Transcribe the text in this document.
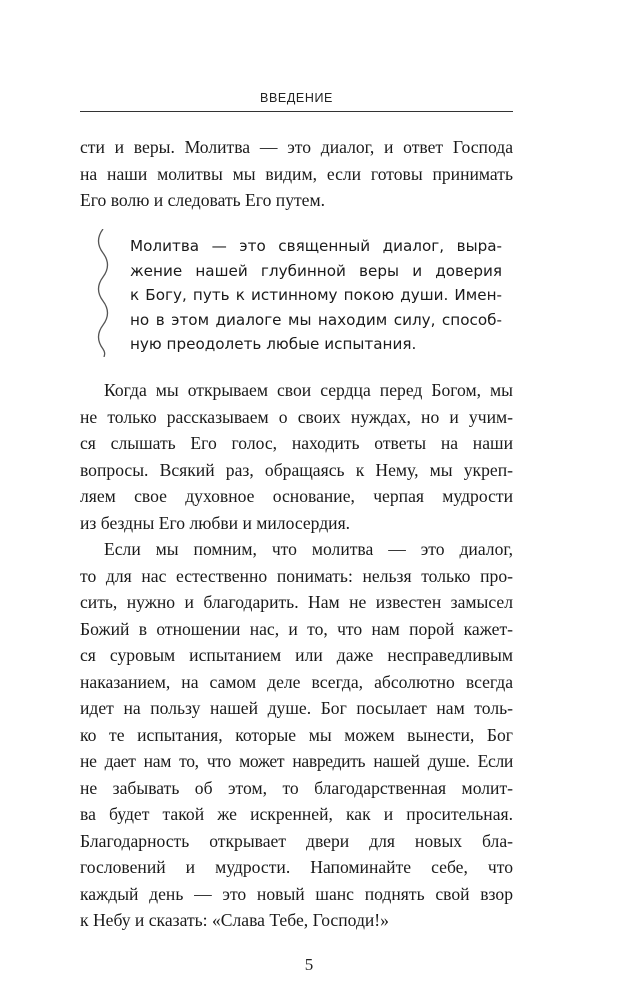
ВВЕДЕНИЕ
сти и веры. Молитва — это диалог, и ответ Господа
на наши молитвы мы видим, если готовы принимать
Его волю и следовать Его путем.
Молитва — это священный диалог, выра-
жение нашей глубинной веры и доверия
к Богу, путь к истинному покою души. Имен-
но в этом диалоге мы находим силу, способ-
ную преодолеть любые испытания.
Когда мы открываем свои сердца перед Богом, мы
не только рассказываем о своих нуждах, но и учим-
ся слышать Его голос, находить ответы на наши
вопросы. Всякий раз, обращаясь к Нему, мы укреп-
ляем свое духовное основание, черпая мудрости
из бездны Его любви и милосердия.
Если мы помним, что молитва — это диалог,
то для нас естественно понимать: нельзя только про-
сить, нужно и благодарить. Нам не известен замысел
Божий в отношении нас, и то, что нам порой кажет-
ся суровым испытанием или даже несправедливым
наказанием, на самом деле всегда, абсолютно всегда
идет на пользу нашей душе. Бог посылает нам толь-
ко те испытания, которые мы можем вынести, Бог
не дает нам то, что может навредить нашей душе. Если
не забывать об этом, то благодарственная молит-
ва будет такой же искренней, как и просительная.
Благодарность открывает двери для новых бла-
гословений и мудрости. Напоминайте себе, что
каждый день — это новый шанс поднять свой взор
к Небу и сказать: «Слава Тебе, Господи!»
5
